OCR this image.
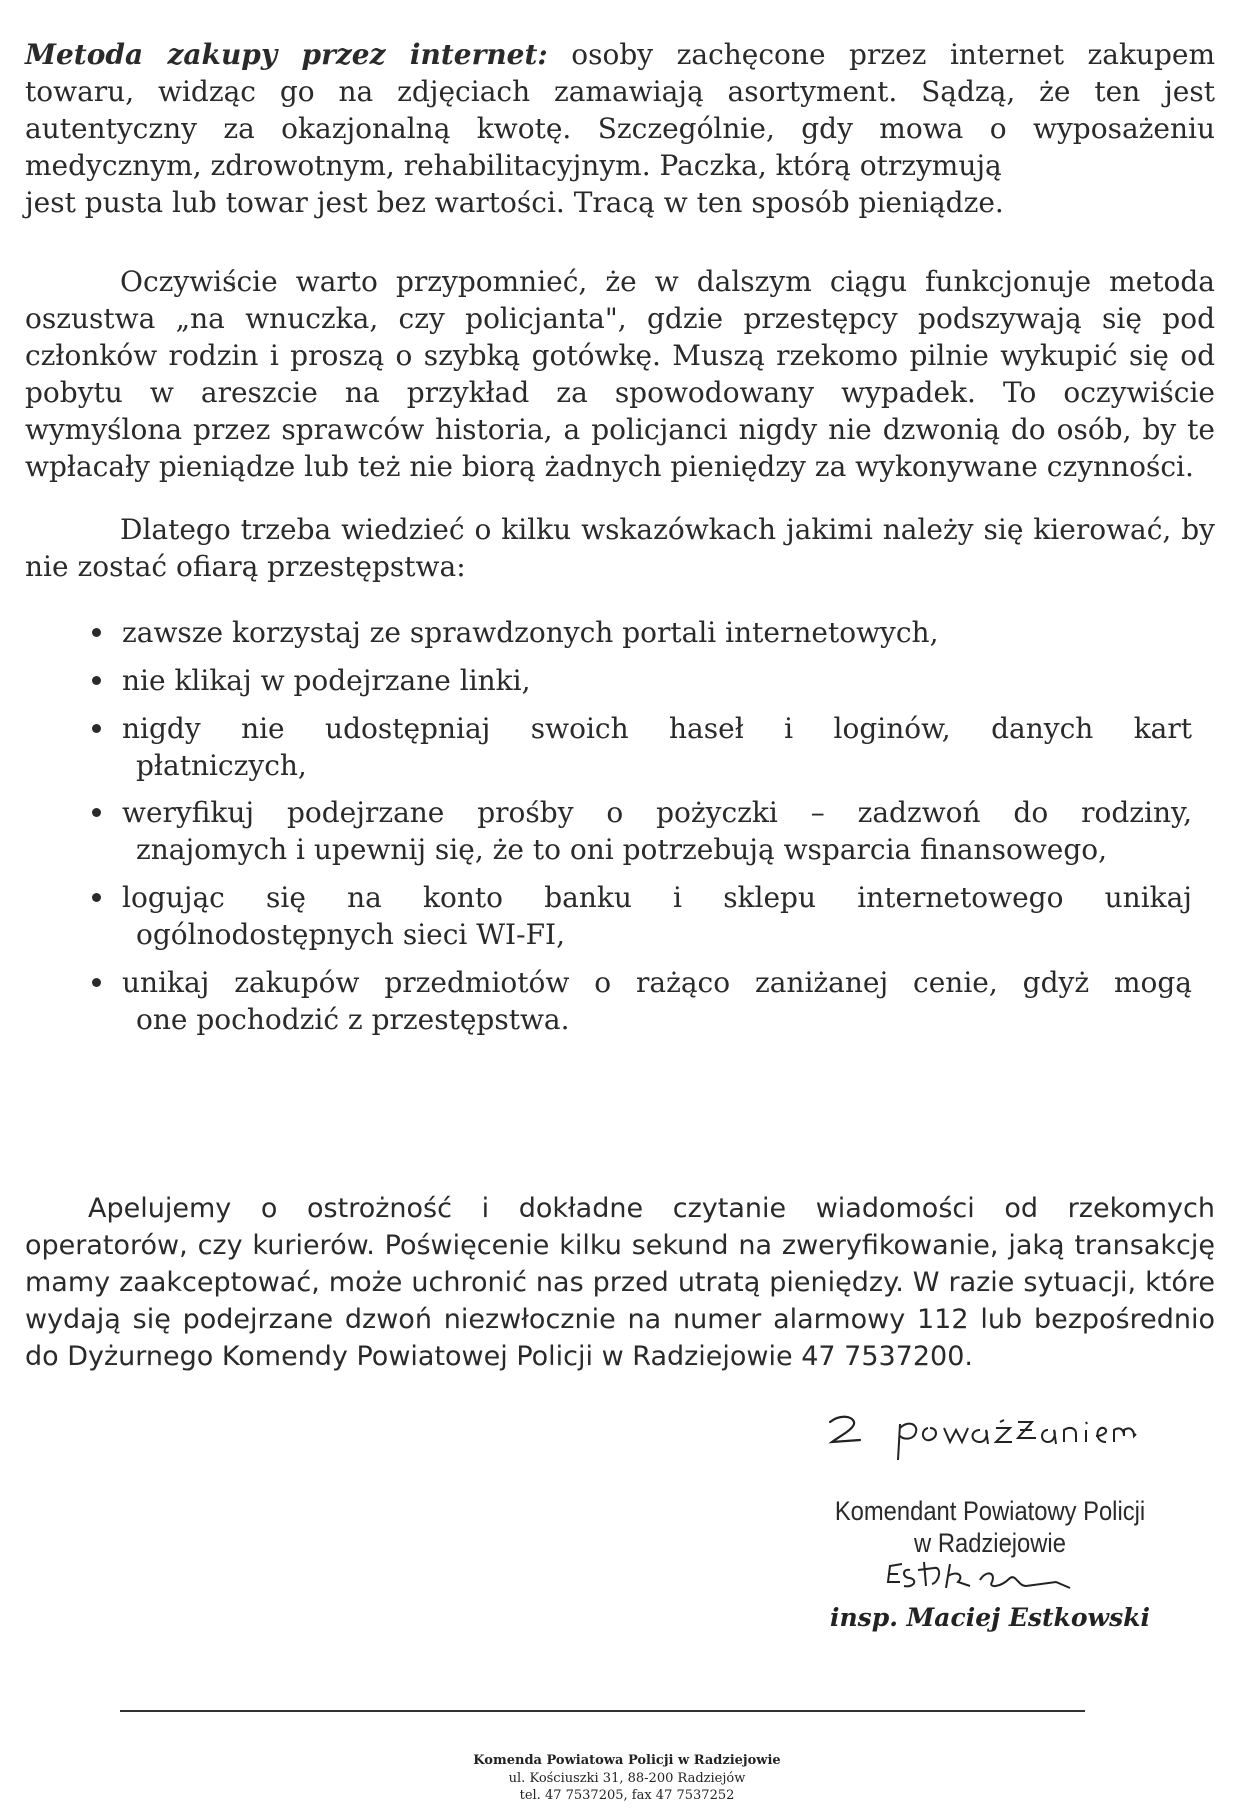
Metoda zakupy przez internet: osoby zachęcone przez internet zakupem towaru, widząc go na zdjęciach zamawiają asortyment. Sądzą, że ten jest autentyczny za okazjonalną kwotę. Szczególnie, gdy mowa o wyposażeniu medycznym, zdrowotnym, rehabilitacyjnym. Paczka, którą otrzymują
jest pusta lub towar jest bez wartości. Tracą w ten sposób pieniądze.

Oczywiście warto przypomnieć, że w dalszym ciągu funkcjonuje metoda oszustwa „na wnuczka, czy policjanta", gdzie przestępcy podszywają się pod członków rodzin i proszą o szybką gotówkę. Muszą rzekomo pilnie wykupić się od pobytu w areszcie na przykład za spowodowany wypadek. To oczywiście wymyślona przez sprawców historia, a policjanci nigdy nie dzwonią do osób, by te wpłacały pieniądze lub też nie biorą żadnych pieniędzy za wykonywane czynności.

Dlatego trzeba wiedzieć o kilku wskazówkach jakimi należy się kierować, by nie zostać ofiarą przestępstwa:

zawsze korzystaj ze sprawdzonych portali internetowych,
nie klikaj w podejrzane linki,
nigdy nie udostępniaj swoich haseł i loginów, danych kart
płatniczych,
weryfikuj podejrzane prośby o pożyczki – zadzwoń do rodziny,
znajomych i upewnij się, że to oni potrzebują wsparcia finansowego,
logując się na konto banku i sklepu internetowego unikaj
ogólnodostępnych sieci WI-FI,
unikaj zakupów przedmiotów o rażąco zaniżanej cenie, gdyż mogą
one pochodzić z przestępstwa.

Apelujemy o ostrożność i dokładne czytanie wiadomości od rzekomych operatorów, czy kurierów. Poświęcenie kilku sekund na zweryfikowanie, jaką transakcję mamy zaakceptować, może uchronić nas przed utratą pieniędzy. W razie sytuacji, które wydają się podejrzane dzwoń niezwłocznie na numer alarmowy 112 lub bezpośrednio do Dyżurnego Komendy Powiatowej Policji w Radziejowie 47 7537200.

Komendant Powiatowy Policji
w Radziejowie
insp. Maciej Estkowski
Komenda Powiatowa Policji w Radziejowie
ul. Kościuszki 31, 88-200 Radziejów
tel. 47 7537205, fax 47 7537252
